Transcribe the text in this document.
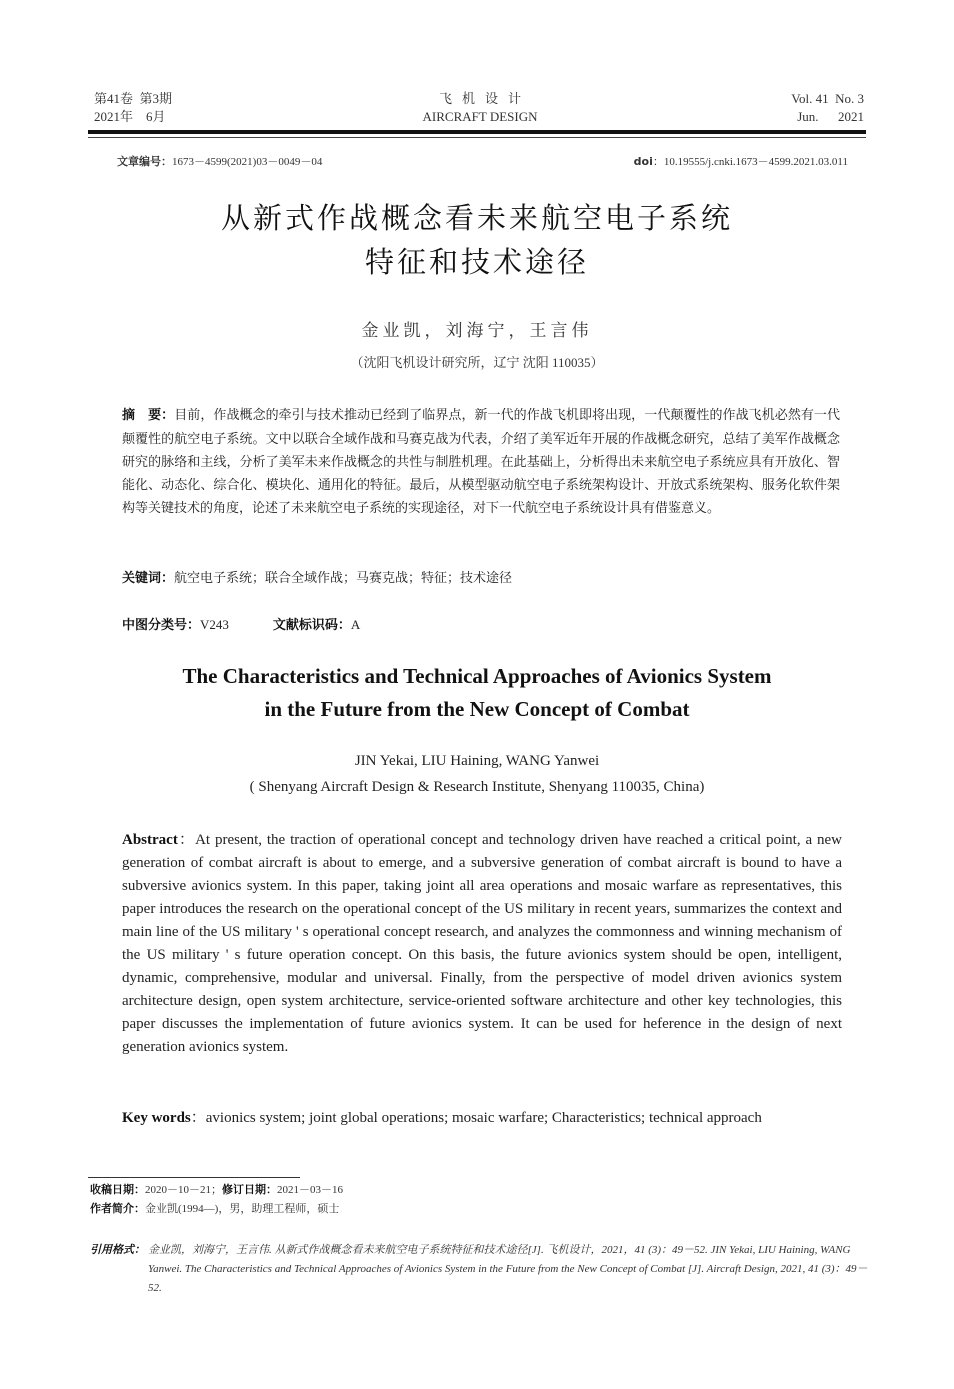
第41卷  第3期
2021年    6月
飞机设计
AIRCRAFT DESIGN
Vol. 41  No. 3
Jun.      2021
文章编号：1673－4599(2021)03－0049－04	doi：10.19555/j.cnki.1673－4599.2021.03.011
从新式作战概念看未来航空电子系统
特征和技术途径
金业凯，刘海宁，王言伟
（沈阳飞机设计研究所，辽宁 沈阳 110035）
摘　要：目前，作战概念的牵引与技术推动已经到了临界点，新一代的作战飞机即将出现，一代颠覆性的作战飞机必然有一代颠覆性的航空电子系统。文中以联合全域作战和马赛克战为代表，介绍了美军近年开展的作战概念研究，总结了美军作战概念研究的脉络和主线，分析了美军未来作战概念的共性与制胜机理。在此基础上，分析得出未来航空电子系统应具有开放化、智能化、动态化、综合化、模块化、通用化的特征。最后，从模型驱动航空电子系统架构设计、开放式系统架构、服务化软件架构等关键技术的角度，论述了未来航空电子系统的实现途径，对下一代航空电子系统设计具有借鉴意义。
关键词：航空电子系统；联合全域作战；马赛克战；特征；技术途径
中图分类号：V243	文献标识码：A
The Characteristics and Technical Approaches of Avionics System
in the Future from the New Concept of Combat
JIN Yekai, LIU Haining, WANG Yanwei
( Shenyang Aircraft Design & Research Institute, Shenyang 110035, China)
Abstract：At present, the traction of operational concept and technology driven have reached a critical point, a new generation of combat aircraft is about to emerge, and a subversive generation of combat aircraft is bound to have a subversive avionics system. In this paper, taking joint all area operations and mosaic warfare as representatives, this paper introduces the research on the operational concept of the US military in recent years, summarizes the context and main line of the US military ' s operational concept research, and analyzes the commonness and winning mechanism of the US military ' s future operation concept. On this basis, the future avionics system should be open, intelligent, dynamic, comprehensive, modular and universal. Finally, from the perspective of model driven avionics system architecture design, open system architecture, service-oriented software architecture and other key technologies, this paper discusses the implementation of future avionics system. It can be used for heference in the design of next generation avionics system.
Key words：avionics system; joint global operations; mosaic warfare; Characteristics; technical approach
收稿日期：2020－10－21；修订日期：2021－03－16
作者简介：金业凯(1994—)，男，助理工程师，硕士
引用格式： 金业凯，刘海宁，王言伟. 从新式作战概念看未来航空电子系统特征和技术途径[J]. 飞机设计，2021，41 (3)：49－52. JIN Yekai, LIU Haining, WANG Yanwei. The Characteristics and Technical Approaches of Avionics System in the Future from the New Concept of Combat [J]. Aircraft Design, 2021, 41 (3)：49－52.
